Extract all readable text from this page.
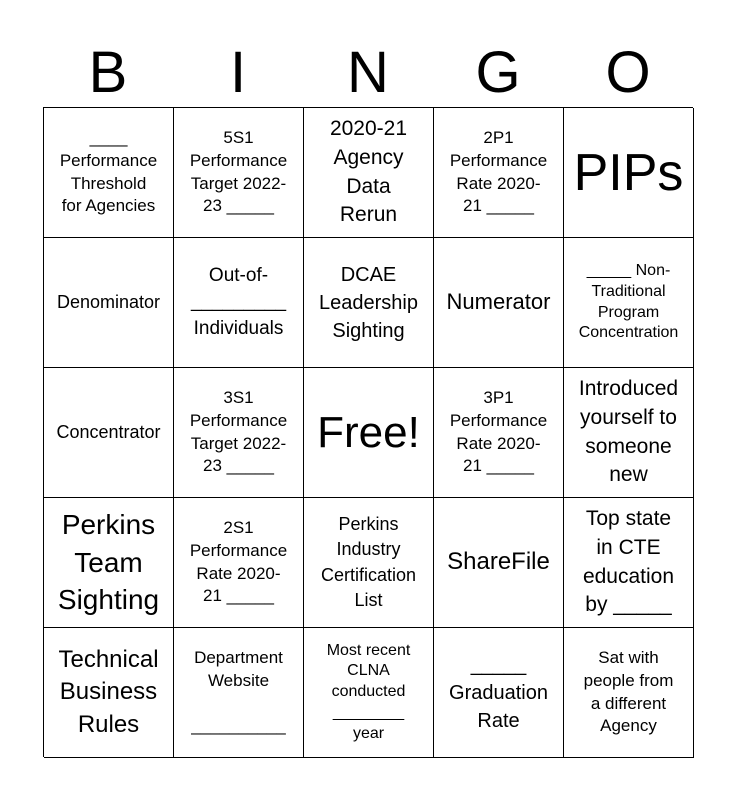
B	I	N	G	O
____
Performance
Threshold
for Agencies
5S1
Performance
Target 2022-
23 _____
2020-21
Agency
Data
Rerun
2P1
Performance
Rate 2020-
21 _____
PIPs
Denominator
Out-of-
_________
Individuals
DCAE
Leadership
Sighting
Numerator
_____ Non-
Traditional
Program
Concentration
Concentrator
3S1
Performance
Target 2022-
23 _____
Free!
3P1
Performance
Rate 2020-
21 _____
Introduced
yourself to
someone
new
Perkins
Team
Sighting
2S1
Performance
Rate 2020-
21 _____
Perkins
Industry
Certification
List
ShareFile
Top state
in CTE
education
by _____
Technical
Business
Rules
Department
Website

__________
Most recent
CLNA
conducted
________
year
_____
Graduation
Rate
Sat with
people from
a different
Agency
